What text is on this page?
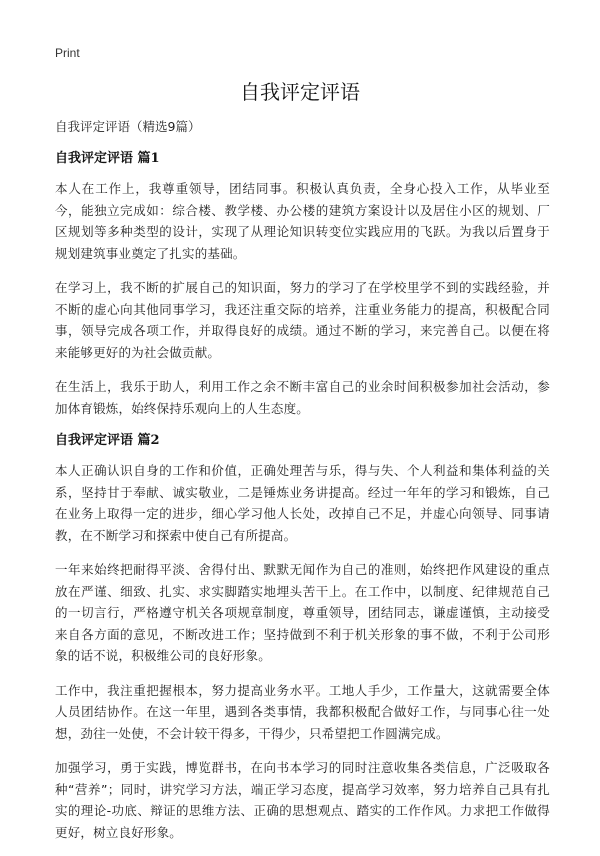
Print
自我评定评语

自我评定评语（精选9篇）

自我评定评语 篇1

本人在工作上，我尊重领导，团结同事。积极认真负责，全身心投入工作，从毕业至今，能独立完成如：综合楼、教学楼、办公楼的建筑方案设计以及居住小区的规划、厂区规划等多种类型的设计，实现了从理论知识转变位实践应用的飞跃。为我以后置身于规划建筑事业奠定了扎实的基础。

在学习上，我不断的扩展自己的知识面，努力的学习了在学校里学不到的实践经验，并不断的虚心向其他同事学习，我还注重交际的培养，注重业务能力的提高，积极配合同事，领导完成各项工作，并取得良好的成绩。通过不断的学习，来完善自己。以便在将来能够更好的为社会做贡献。

在生活上，我乐于助人，利用工作之余不断丰富自己的业余时间积极参加社会活动，参加体育锻炼，始终保持乐观向上的人生态度。

自我评定评语 篇2

本人正确认识自身的工作和价值，正确处理苦与乐，得与失、个人利益和集体利益的关系，坚持甘于奉献、诚实敬业，二是锤炼业务讲提高。经过一年年的学习和锻炼，自己在业务上取得一定的进步，细心学习他人长处，改掉自己不足，并虚心向领导、同事请教，在不断学习和探索中使自己有所提高。

一年来始终把耐得平淡、舍得付出、默默无闻作为自己的准则，始终把作风建设的重点放在严谨、细致、扎实、求实脚踏实地埋头苦干上。在工作中，以制度、纪律规范自己的一切言行，严格遵守机关各项规章制度，尊重领导，团结同志，谦虚谨慎，主动接受来自各方面的意见，不断改进工作；坚持做到不利于机关形象的事不做，不利于公司形象的话不说，积极维公司的良好形象。

工作中，我注重把握根本，努力提高业务水平。工地人手少，工作量大，这就需要全体人员团结协作。在这一年里，遇到各类事情，我都积极配合做好工作，与同事心往一处想，劲往一处使，不会计较干得多，干得少，只希望把工作圆满完成。

加强学习，勇于实践，博览群书，在向书本学习的同时注意收集各类信息，广泛吸取各种“营养”；同时，讲究学习方法，端正学习态度，提高学习效率，努力培养自己具有扎实的理论-功底、辩证的思维方法、正确的思想观点、踏实的工作作风。力求把工作做得更好，树立良好形象。
